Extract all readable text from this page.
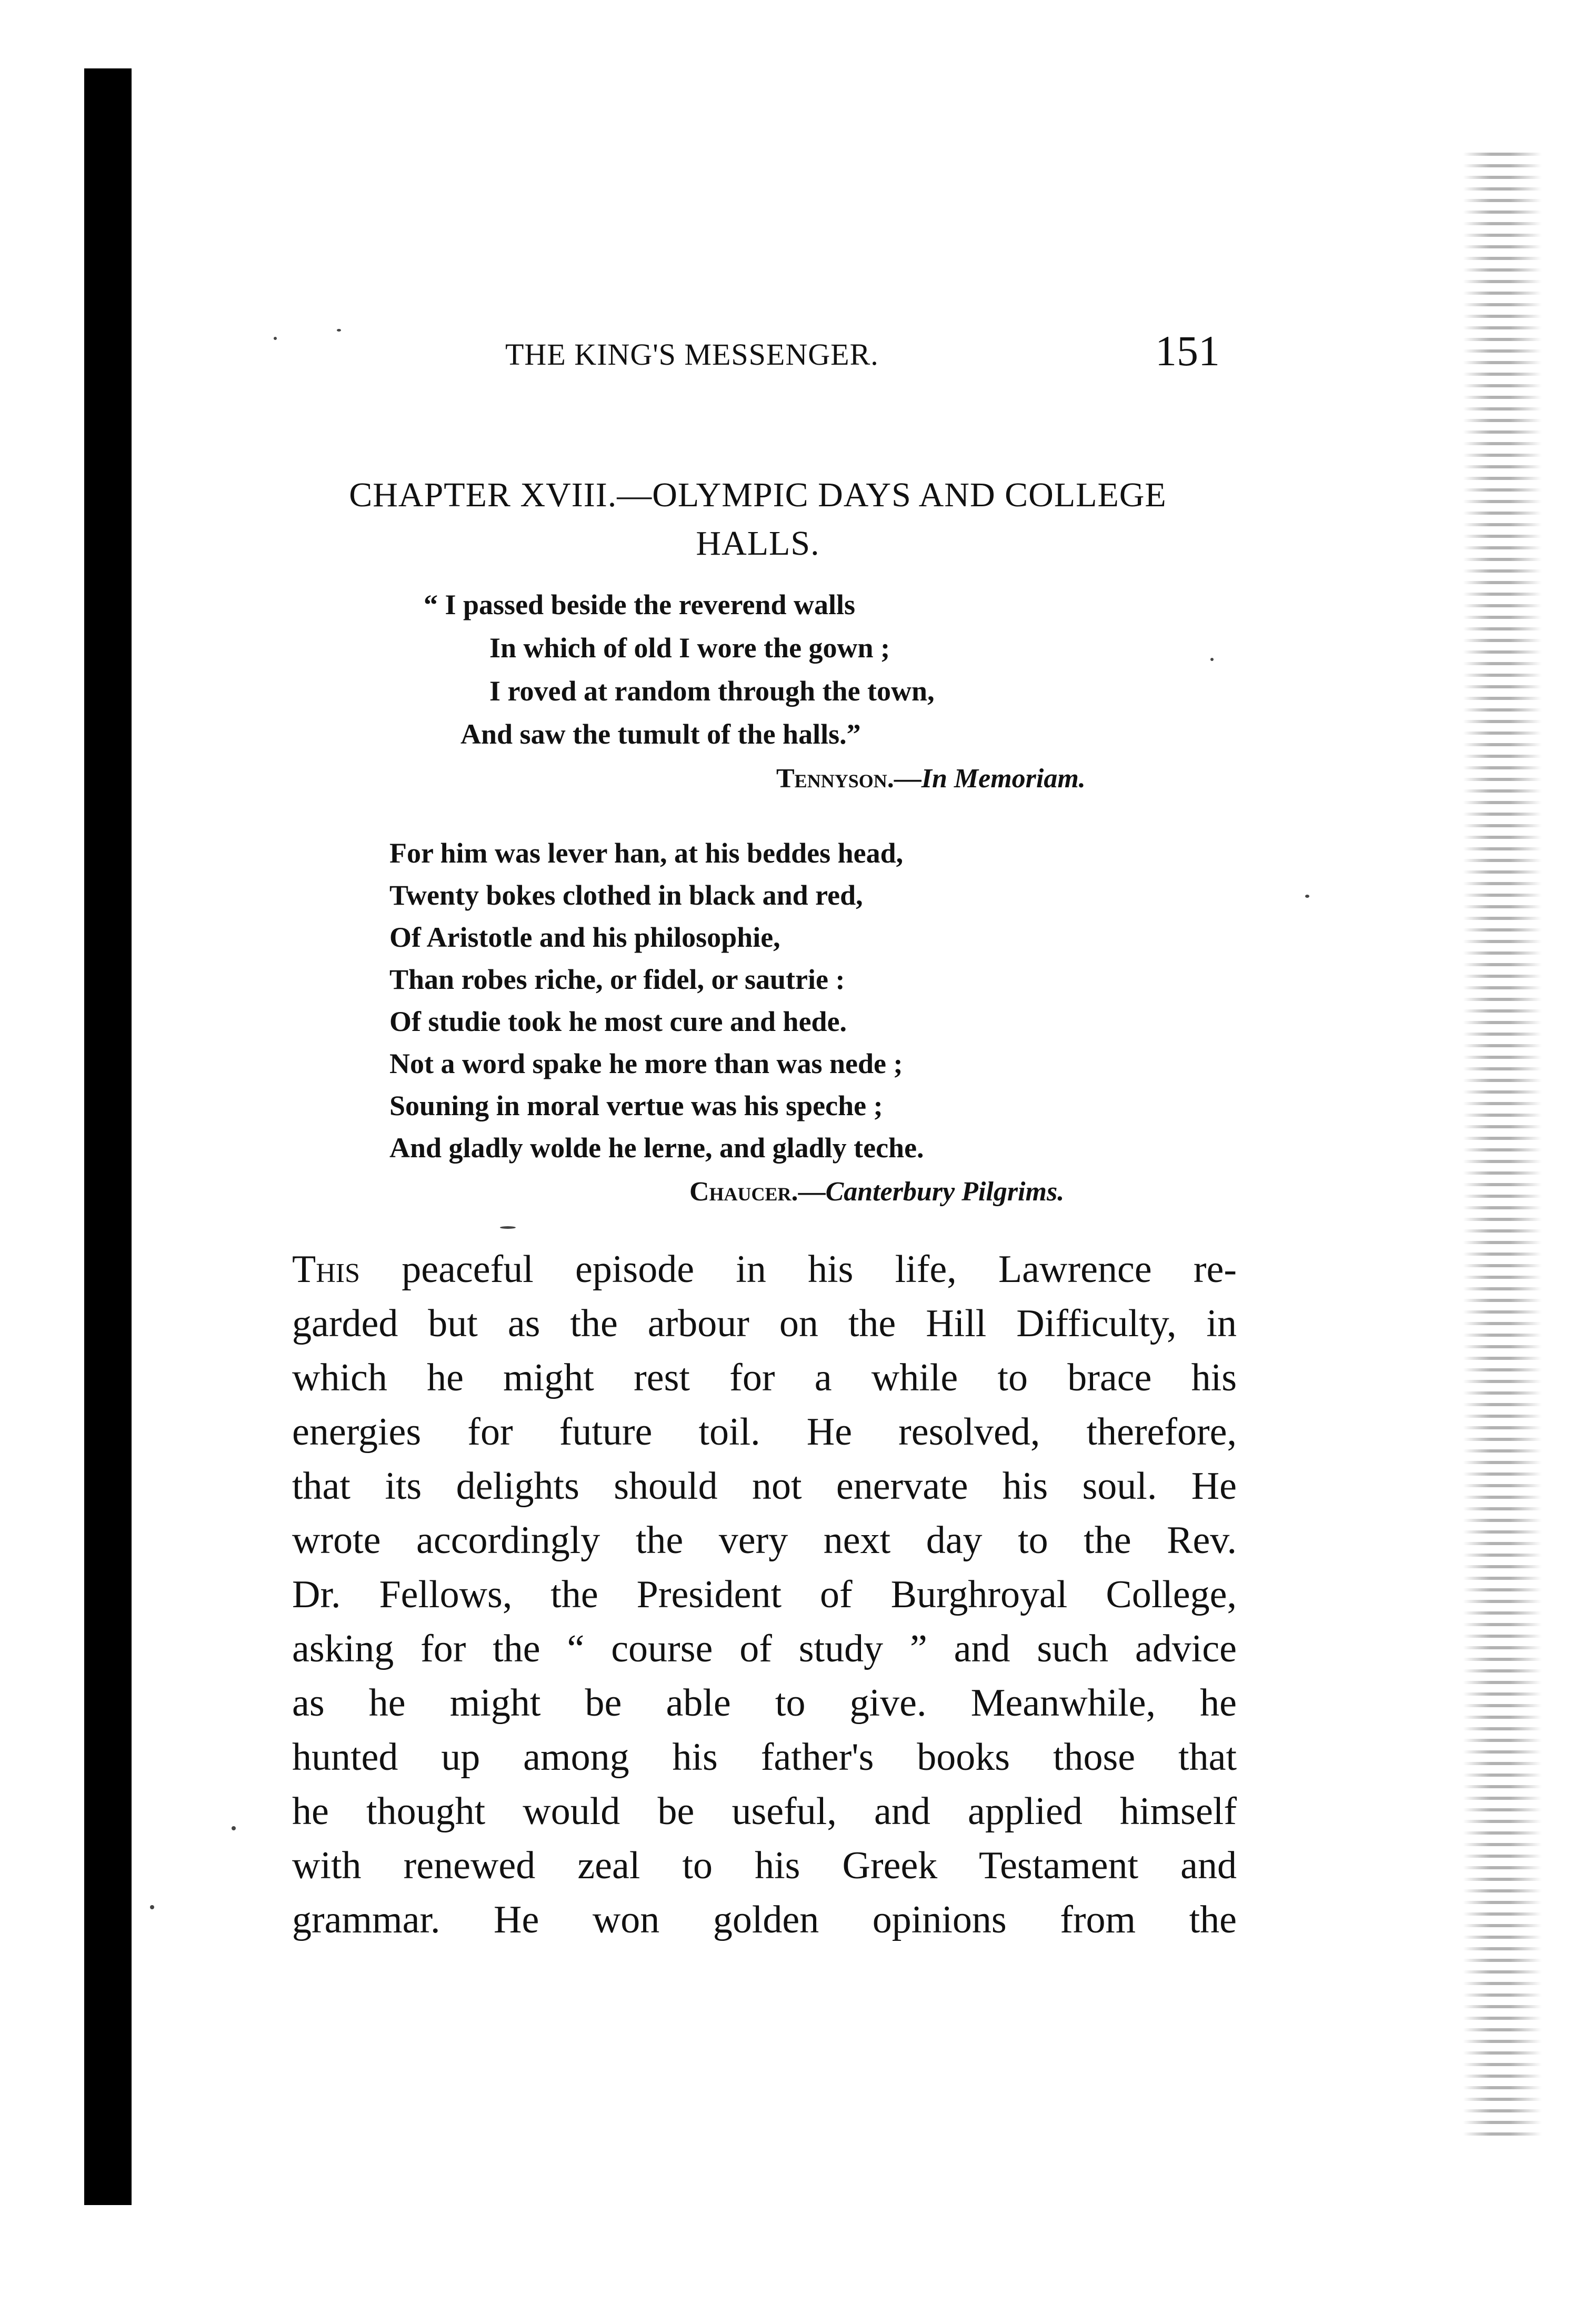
THE KING'S MESSENGER.	151
CHAPTER XVIII.—OLYMPIC DAYS AND COLLEGE
HALLS.
“ I passed beside the reverend walls
In which of old I wore the gown ;
I roved at random through the town,
And saw the tumult of the halls.”
Tennyson.—In Memoriam.
For him was lever han, at his beddes head,
Twenty bokes clothed in black and red,
Of Aristotle and his philosophie,
Than robes riche, or fidel, or sautrie :
Of studie took he most cure and hede.
Not a word spake he more than was nede ;
Souning in moral vertue was his speche ;
And gladly wolde he lerne, and gladly teche.
Chaucer.—Canterbury Pilgrims.
This peaceful episode in his life, Lawrence re-
garded but as the arbour on the Hill Difficulty, in
which he might rest for a while to brace his
energies for future toil. He resolved, therefore,
that its delights should not enervate his soul. He
wrote accordingly the very next day to the Rev.
Dr. Fellows, the President of Burghroyal College,
asking for the “ course of study ” and such advice
as he might be able to give. Meanwhile, he
hunted up among his father's books those that
he thought would be useful, and applied himself
with renewed zeal to his Greek Testament and
grammar. He won golden opinions from the
